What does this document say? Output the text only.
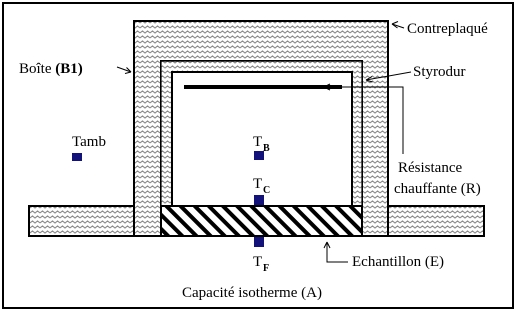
Contreplaqué
Boîte (B1)	Styrodur
Tamb	T B
T C
T F
Résistance
chauffante (R)
Echantillon (E)
Capacité isotherme (A)
